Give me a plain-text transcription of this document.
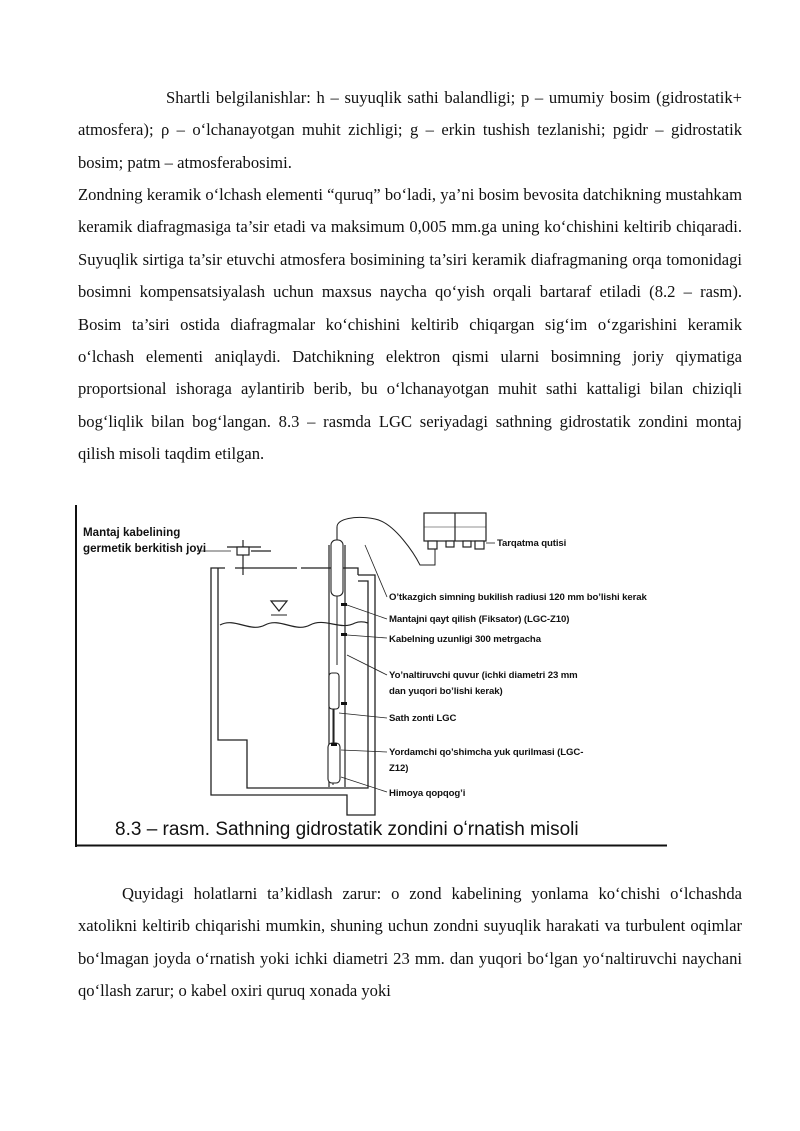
Shartli belgilanishlar: h – suyuqlik sathi balandligi; p – umumiy bosim (gidrostatik+ atmosfera); ρ – oʻlchanayotgan muhit zichligi; g – erkin tushish tezlanishi; pgidr – gidrostatik bosim; patm – atmosferabosimi.
Zondning keramik oʻlchash elementi “quruq” boʻladi, ya’ni bosim bevosita datchikning mustahkam keramik diafragmasiga ta’sir etadi va maksimum 0,005 mm.ga uning koʻchishini keltirib chiqaradi. Suyuqlik sirtiga ta’sir etuvchi atmosfera bosimining ta’siri keramik diafragmaning orqa tomonidagi bosimni kompensatsiyalash uchun maxsus naycha qoʻyish orqali bartaraf etiladi (8.2 – rasm). Bosim ta’siri ostida diafragmalar koʻchishini keltirib chiqargan sigʻim oʻzgarishini keramik oʻlchash elementi aniqlaydi. Datchikning elektron qismi ularni bosimning joriy qiymatiga proportsional ishoraga aylantirib berib, bu oʻlchanayotgan muhit sathi kattaligi bilan chiziqli bogʻliqlik bilan bogʻlangan. 8.3 – rasmda LGC seriyadagi sathning gidrostatik zondini montaj qilish misoli taqdim etilgan.
Mantaj kabelining
germetik berkitish joyi	Tarqatma qutisi
O’tkazgich simning bukilish radiusi 120 mm bo’lishi kerak
Mantajni qayt qilish (Fiksator) (LGC-Z10)
Kabelning uzunligi 300 metrgacha
Yo’naltiruvchi quvur (ichki diametri 23 mm
dan yuqori bo’lishi kerak)
Sath zonti LGC
Yordamchi qo’shimcha yuk qurilmasi (LGC-
Z12)
Himoya qopqog’i
8.3 – rasm. Sathning gidrostatik zondini oʻrnatish misoli
Quyidagi holatlarni ta’kidlash zarur: o zond kabelining yonlama koʻchishi oʻlchashda xatolikni keltirib chiqarishi mumkin, shuning uchun zondni suyuqlik harakati va turbulent oqimlar boʻlmagan joyda oʻrnatish yoki ichki diametri 23 mm. dan yuqori boʻlgan yoʻnaltiruvchi naychani qoʻllash zarur; o kabel oxiri quruq xonada yoki
